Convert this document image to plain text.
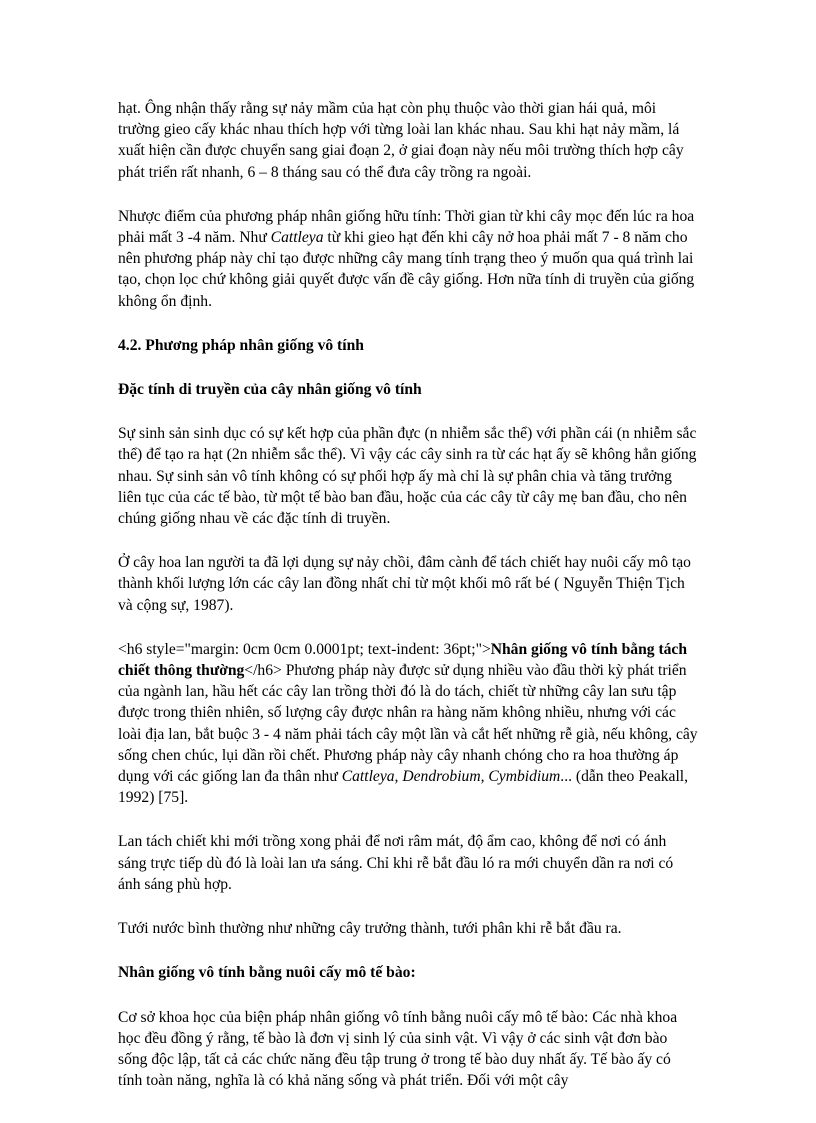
hạt. Ông nhận thấy rằng sự nảy mầm của hạt còn phụ thuộc vào thời gian hái quả, môi trường gieo cấy khác nhau thích hợp với từng loài lan khác nhau. Sau khi hạt nảy mầm, lá xuất hiện cần được chuyển sang giai đoạn 2, ở giai đoạn này nếu môi trường thích hợp cây phát triển rất nhanh, 6 – 8 tháng sau có thể đưa cây trồng ra ngoài.

Nhược điểm của phương pháp nhân giống hữu tính: Thời gian từ khi cây mọc đến lúc ra hoa phải mất 3 -4 năm. Như Cattleya từ khi gieo hạt đến khi cây nở hoa phải mất 7 - 8 năm cho nên phương pháp này chỉ tạo được những cây mang tính trạng theo ý muốn qua quá trình lai tạo, chọn lọc chứ không giải quyết được vấn đề cây giống. Hơn nữa tính di truyền của giống không ổn định.

4.2. Phương pháp nhân giống vô tính

Đặc tính di truyền của cây nhân giống vô tính

Sự sinh sản sinh dục có sự kết hợp của phần đực (n nhiễm sắc thể) với phần cái (n nhiễm sắc thể) để tạo ra hạt (2n nhiễm sắc thể). Vì vậy các cây sinh ra từ các hạt ấy sẽ không hẳn giống nhau. Sự sinh sản vô tính không có sự phối hợp ấy mà chỉ là sự phân chia và tăng trưởng liên tục của các tế bào, từ một tế bào ban đầu, hoặc của các cây từ cây mẹ ban đầu, cho nên chúng giống nhau về các đặc tính di truyền.

Ở cây hoa lan người ta đã lợi dụng sự nảy chồi, đâm cành để tách chiết hay nuôi cấy mô tạo thành khối lượng lớn các cây lan đồng nhất chỉ từ một khối mô rất bé ( Nguyễn Thiện Tịch và cộng sự, 1987).

<h6 style="margin: 0cm 0cm 0.0001pt; text-indent: 36pt;">Nhân giống vô tính bằng tách chiết thông thường</h6> Phương pháp này được sử dụng nhiều vào đầu thời kỳ phát triển của ngành lan, hầu hết các cây lan trồng thời đó là do tách, chiết từ những cây lan sưu tập được trong thiên nhiên, số lượng cây được nhân ra hàng năm không nhiều, nhưng với các loài địa lan, bắt buộc 3 - 4 năm phải tách cây một lần và cắt hết những rễ già, nếu không, cây sống chen chúc, lụi dần rồi chết. Phương pháp này cây nhanh chóng cho ra hoa thường áp dụng với các giống lan đa thân như Cattleya, Dendrobium, Cymbidium... (dẫn theo Peakall, 1992) [75].

Lan tách chiết khi mới trồng xong phải để nơi râm mát, độ ẩm cao, không để nơi có ánh sáng trực tiếp dù đó là loài lan ưa sáng. Chỉ khi rễ bắt đầu ló ra mới chuyển dần ra nơi có ánh sáng phù hợp.

Tưới nước bình thường như những cây trưởng thành, tưới phân khi rễ bắt đầu ra.

Nhân giống vô tính bằng nuôi cấy mô tế bào:

Cơ sở khoa học của biện pháp nhân giống vô tính bằng nuôi cấy mô tế bào: Các nhà khoa học đều đồng ý rằng, tế bào là đơn vị sinh lý của sinh vật. Vì vậy ở các sinh vật đơn bào sống độc lập, tất cả các chức năng đều tập trung ở trong tế bào duy nhất ấy. Tế bào ấy có tính toàn năng, nghĩa là có khả năng sống và phát triển. Đối với một cây
